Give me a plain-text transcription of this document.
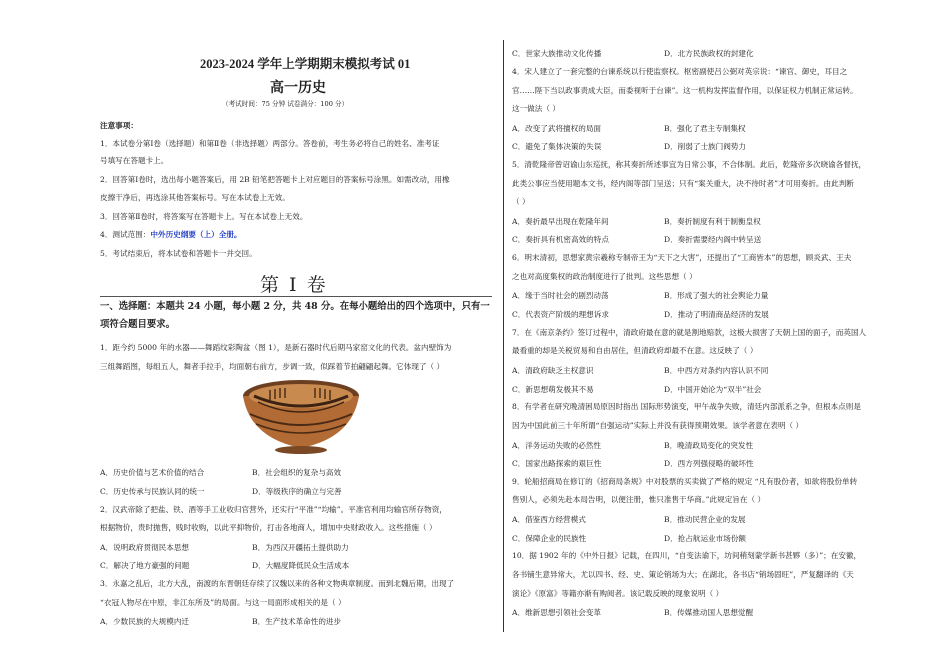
2023-2024 学年上学期期末模拟考试 01
高一历史
（考试时间：75 分钟 试卷满分：100 分）
注意事项：
1．本试卷分第Ⅰ卷（选择题）和第Ⅱ卷（非选择题）两部分。答卷前，考生务必将自己的姓名、准考证
号填写在答题卡上。
2．回答第Ⅰ卷时，选出每小题答案后，用 2B 铅笔把答题卡上对应题目的答案标号涂黑。如需改动，用橡
皮擦干净后，再选涂其他答案标号。写在本试卷上无效。
3．回答第Ⅱ卷时，将答案写在答题卡上。写在本试卷上无效。
4．测试范围：中外历史纲要（上）全册。
5．考试结束后，将本试卷和答题卡一并交回。
第 I 卷
一、选择题：本题共 24 小题，每小题 2 分，共 48 分。在每小题给出的四个选项中，只有一
项符合题目要求。
1．距今约 5000 年的水器——舞蹈纹彩陶盆（图 1），是新石器时代后期马家窑文化的代表。盆内壁饰为
三组舞蹈图，每组五人，舞者手拉手，均面朝右前方，步调一致，似踩着节拍翩翩起舞。它体现了（ ）
A．历史价值与艺术价值的结合	B．社会组织的复杂与高效
C．历史传承与民族认同的统一	D．等级秩序的确立与完善
2．汉武帝除了把盐、铁、酒等手工业收归官营外，还实行“平准”“均输”。平准官利用均输官所存物资，
根据物价，贵时抛售，贱时收购，以此平抑物价，打击各地商人，增加中央财政收入。这些措施（ ）
A．说明政府贯彻民本思想	B．为西汉开疆拓土提供助力
C．解决了地方豪强的问题	D．大幅度降低民众生活成本
3．永嘉之乱后，北方大乱，南渡的东晋朝廷存续了汉魏以来的各种文物典章制度。而到北魏后期，出现了
“衣冠人物尽在中原，非江东所及”的局面。与这一局面形成相关的是（ ）
A．少数民族的大规模内迁	B．生产技术革命性的进步
C．世家大族推动文化传播	D．北方民族政权的封建化
4．宋人建立了一套完整的台谏系统以行使监察权。枢密副使吕公弼对英宗说：“谏官、御史，耳目之
官……陛下当以政事责成大臣，而委视听于台谏”。这一机构发挥监督作用，以保证权力机制正常运转。
这一做法（ ）
A．改变了武将擅权的局面	B．强化了君主专制集权
C．避免了集体决策的失误	D．削弱了士族门阀势力
5．清乾隆帝曾诏谕山东巡抚，称其奏折所述事宜为日常公事，不合体制。此后，乾隆帝多次晓谕各督抚，
此类公事应当使用题本文书，经内阁等部门呈送；只有“案关重大，决不待时者”才可用奏折。由此判断
（ ）
A．奏折最早出现在乾隆年间	B．奏折制度有利于制衡皇权
C．奏折具有机密高效的特点	D．奏折需要经内阁中转呈送
6．明末清初，思想家黄宗羲称专制帝王为“天下之大害”，还提出了“工商皆本”的思想，顾炎武、王夫
之也对高度集权的政治制度进行了批判。这些思想（ ）
A．缘于当时社会的剧烈动荡	B．形成了强大的社会舆论力量
C．代表资产阶级的理想诉求	D．推动了明清商品经济的发展
7．在《南京条约》签订过程中，清政府最在意的就是割地赔款，这极大损害了天朝上国的面子，而英国人
最看重的却是关税贸易和自由居住，但清政府却最不在意。这反映了（ ）
A．清政府缺乏主权意识	B．中西方对条约内容认识不同
C．新思想萌发极其不易	D．中国开始沦为“双半”社会
8．有学者在研究晚清困局原因时指出 国际形势演变，甲午战争失败，清廷内部派系之争，但根本点则是
因为中国此前三十年所谓“自强运动”实际上并没有获得预期效果。该学者意在表明（ ）
A．洋务运动失败的必然性	B．晚清政局变化的突发性
C．国家出路探索的艰巨性	D．西方列强侵略的破坏性
9．轮船招商局在修订的《招商局条规》中对股票的买卖做了严格的规定 “凡有股份者，如欲将股份单转
售别人，必须先赴本局告明，以便注册，惟只准售于华商。”此规定旨在（ ）
A．借鉴西方经营模式	B．推动民营企业的发展
C．保障企业的民族性	D．抢占航运业市场份额
10．据 1902 年的《中外日报》记载，在四川，“自变法谕下，坊间稍刻蒙学新书甚夥（多）”；在安徽，
各书铺生意异常大，尤以四书、经、史、策论销场为大；在湖北，各书店“销场固旺”，严复翻译的《天
演论》《原富》等籍亦渐有购阅者。该记载反映的现象说明（ ）
A．维新思想引领社会变革	B．传媒推动国人思想觉醒
